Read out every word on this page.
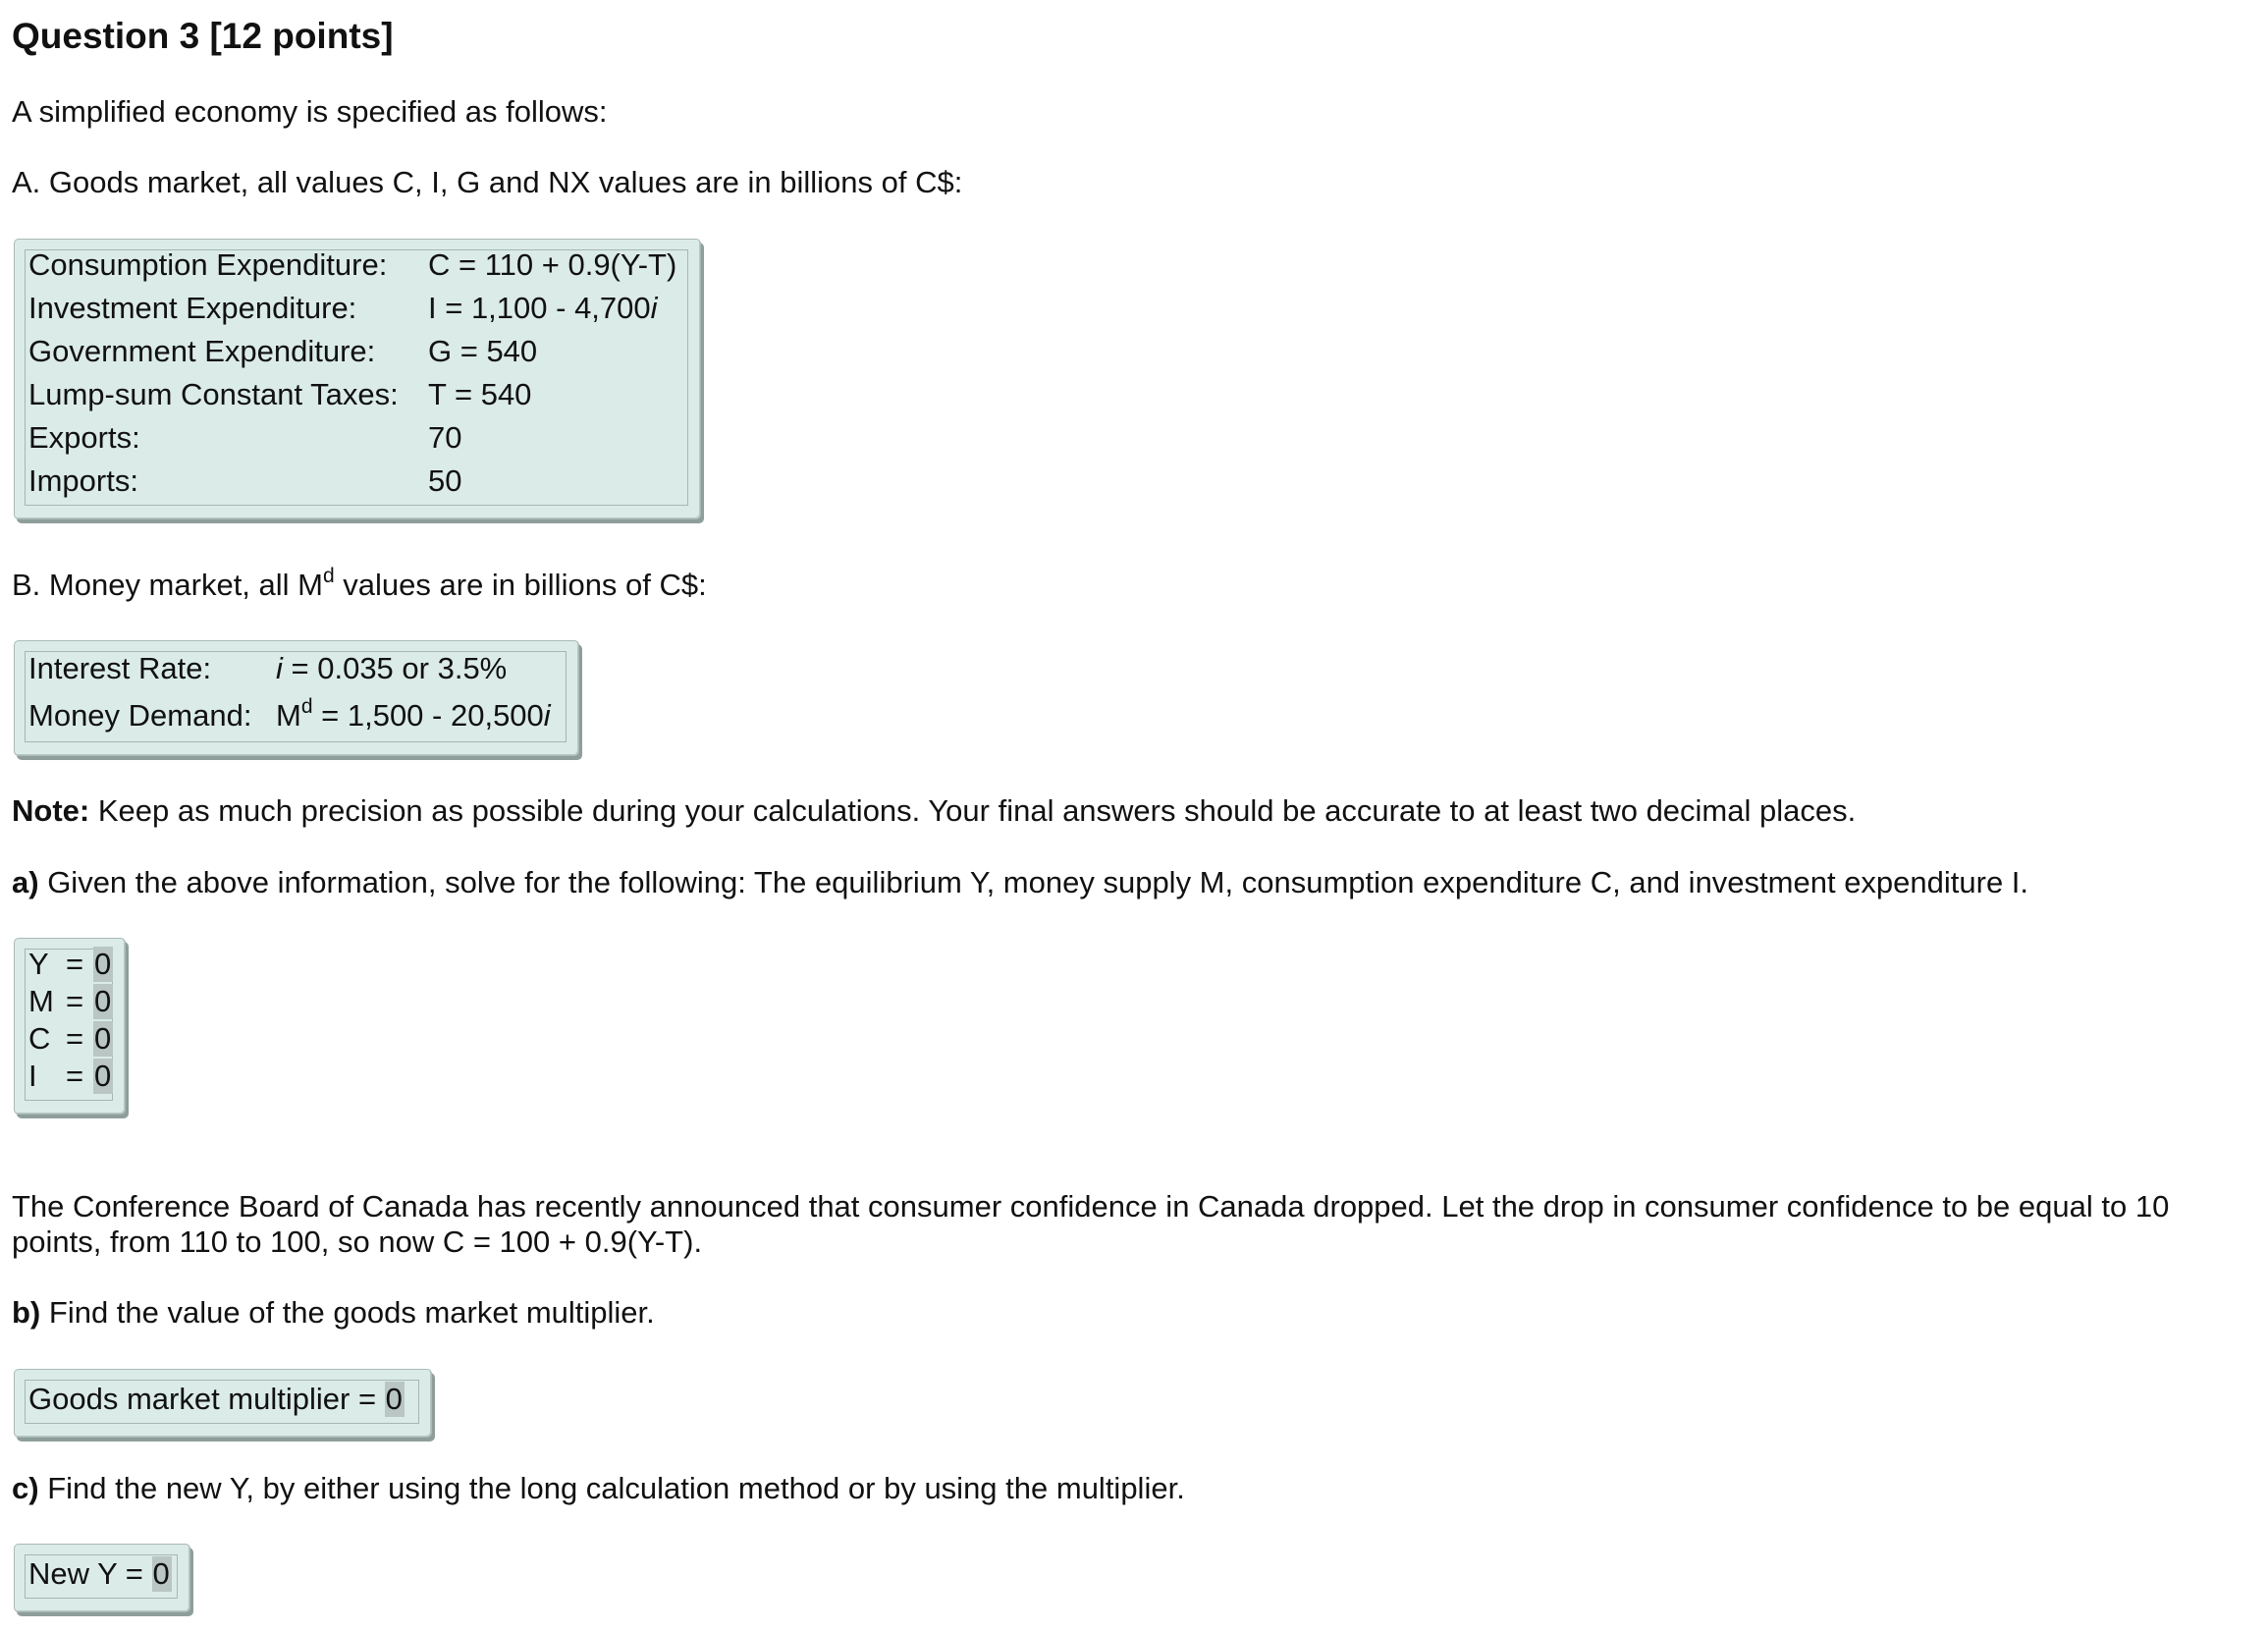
Question 3 [12 points]
A simplified economy is specified as follows:
A. Goods market, all values C, I, G and NX values are in billions of C$:
Consumption Expenditure: C = 110 + 0.9(Y-T)
Investment Expenditure: I = 1,100 - 4,700i
Government Expenditure: G = 540
Lump-sum Constant Taxes: T = 540
Exports:	70
Imports:	50
B. Money market, all $M^d$ values are in billions of C$:
Interest Rate: i = 0.035 or 3.5%
Money Demand: $M^d = 1,500 - 20,500i$
Note: Keep as much precision as possible during your calculations. Your final answers should be accurate to at least two decimal places.
a) Given the above information, solve for the following: The equilibrium Y, money supply M, consumption expenditure C, and investment expenditure I.
Y = 0
M = 0
C = 0
I = 0
The Conference Board of Canada has recently announced that consumer confidence in Canada dropped. Let the drop in consumer confidence to be equal to 10
points, from 110 to 100, so now C = 100 + 0.9(Y-T).
b) Find the value of the goods market multiplier.
Goods market multiplier = 0
c) Find the new Y, by either using the long calculation method or by using the multiplier.
New Y = 0
